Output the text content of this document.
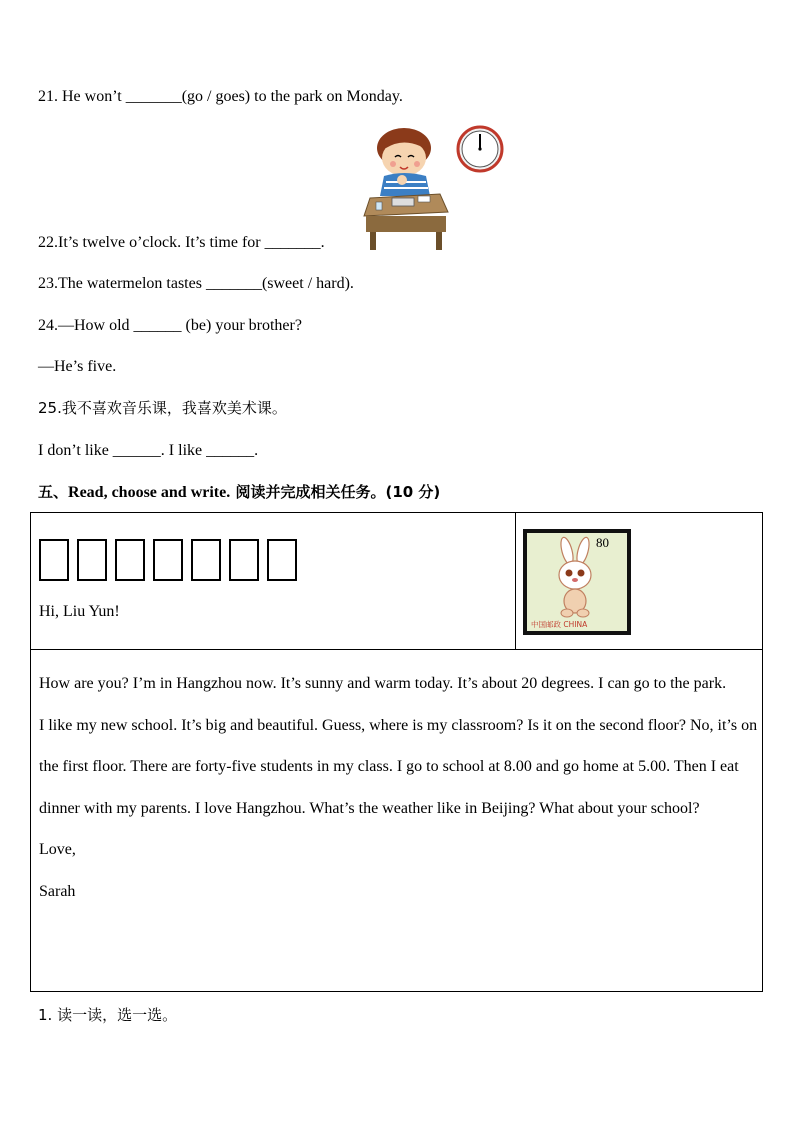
21. He won’t _______(go / goes) to the park on Monday.
22.It’s twelve o’clock. It’s time for _______.
23.The watermelon tastes _______(sweet / hard).
24.—How old ______ (be) your brother?
—He’s five.
25.我不喜欢音乐课，我喜欢美术课。
I don’t like ______. I like ______.
五、Read, choose and write. 阅读并完成相关任务。(10 分)
Hi, Liu Yun!
80
中国邮政 CHINA

How are you? I’m in Hangzhou now. It’s sunny and warm today. It’s about 20 degrees. I can go to the park.

I like my new school. It’s big and beautiful. Guess, where is my classroom? Is it on the second floor? No, it’s on the first floor. There are forty-five students in my class. I go to school at 8.00 and go home at 5.00. Then I eat dinner with my parents. I love Hangzhou. What’s the weather like in Beijing? What about your school?

Love,

Sarah

1. 读一读，选一选。
